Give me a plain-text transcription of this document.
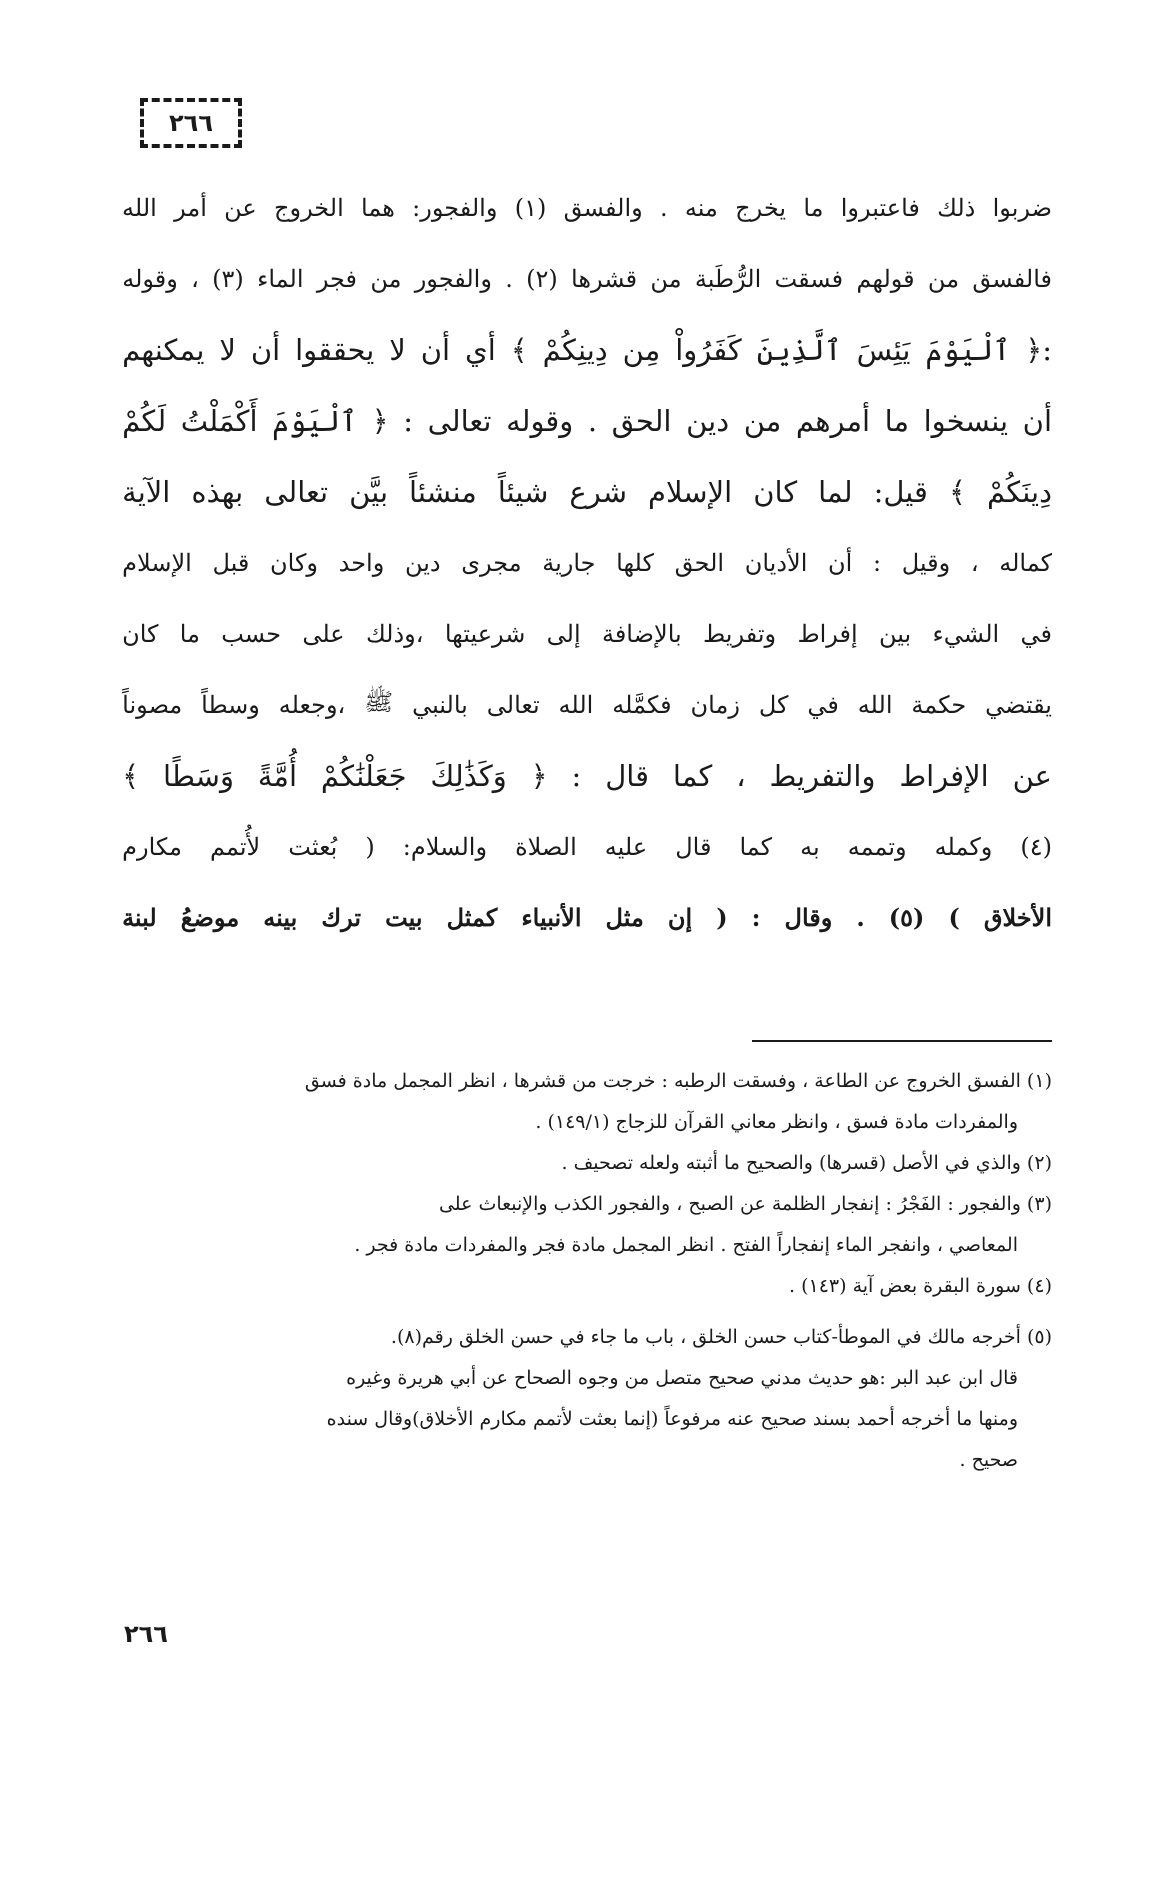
٢٦٦
ضربوا
ذلك
فاعتبروا
ما
يخرج
منه
.
والفسق
(١)
والفجور:
هما
الخروج
عن
أمر
الله
فالفسق
من
قولهم
فسقت
الرُّطَبة
من
قشرها
(٢)
.
والفجور
من
فجر
الماء
(٣)
،
وقوله
:﴿
ٱلْيَوْمَ
يَئِسَ
ٱلَّذِينَ
كَفَرُواْ
مِن
دِينِكُمْ
﴾
أي
أن
لا
يحققوا
أن
لا
يمكنهم
أن
ينسخوا
ما
أمرهم
من
دين
الحق
.
وقوله
تعالى
:
﴿
ٱلْيَوْمَ
أَكْمَلْتُ
لَكُمْ
دِينَكُمْ
﴾
قيل:
لما
كان
الإسلام
شرع
شيئاً
منشئاً
بيَّن
تعالى
بهذه
الآية
كماله
،
وقيل
:
أن
الأديان
الحق
كلها
جارية
مجرى
دين
واحد
وكان
قبل
الإسلام
في
الشيء
بين
إفراط
وتفريط
بالإضافة
إلى
شرعيتها
،وذلك
على
حسب
ما
كان
يقتضي
حكمة
الله
في
كل
زمان
فكمَّله
الله
تعالى
بالنبي
ﷺ
،وجعله
وسطاً
مصوناً
عن
الإفراط
والتفريط
،
كما
قال
:
﴿
وَكَذَٰلِكَ
جَعَلْنَٰكُمْ
أُمَّةً
وَسَطًا
﴾
(٤)
وكمله
وتممه
به
كما
قال
عليه
الصلاة
والسلام:
(
بُعثت
لأُتمم
مكارم
الأخلاق
)
(٥)
.
وقال
:
(
إن
مثل
الأنبياء
كمثل
بيت
ترك
بينه
موضعُ
لبنة
(١) الفسق الخروج عن الطاعة ، وفسقت الرطبه : خرجت من قشرها ، انظر المجمل مادة فسق
والمفردات مادة فسق ، وانظر معاني القرآن للزجاج (١٤٩/١) .
(٢) والذي في الأصل (قسرها) والصحيح ما أثبته ولعله تصحيف .
(٣) والفجور : الفَجْرُ : إنفجار الظلمة عن الصبح ، والفجور الكذب والإنبعاث على
المعاصي ، وانفجر الماء إنفجاراً الفتح . انظر المجمل مادة فجر والمفردات مادة فجر .
(٤) سورة البقرة بعض آية (١٤٣) .
(٥) أخرجه مالك في الموطأ-كتاب حسن الخلق ، باب ما جاء في حسن الخلق رقم(٨).
قال ابن عبد البر :هو حديث مدني صحيح متصل من وجوه الصحاح عن أبي هريرة وغيره
ومنها ما أخرجه أحمد بسند صحيح عنه مرفوعاً (إنما بعثت لأتمم مكارم الأخلاق)وقال سنده
صحيح .
٢٦٦
